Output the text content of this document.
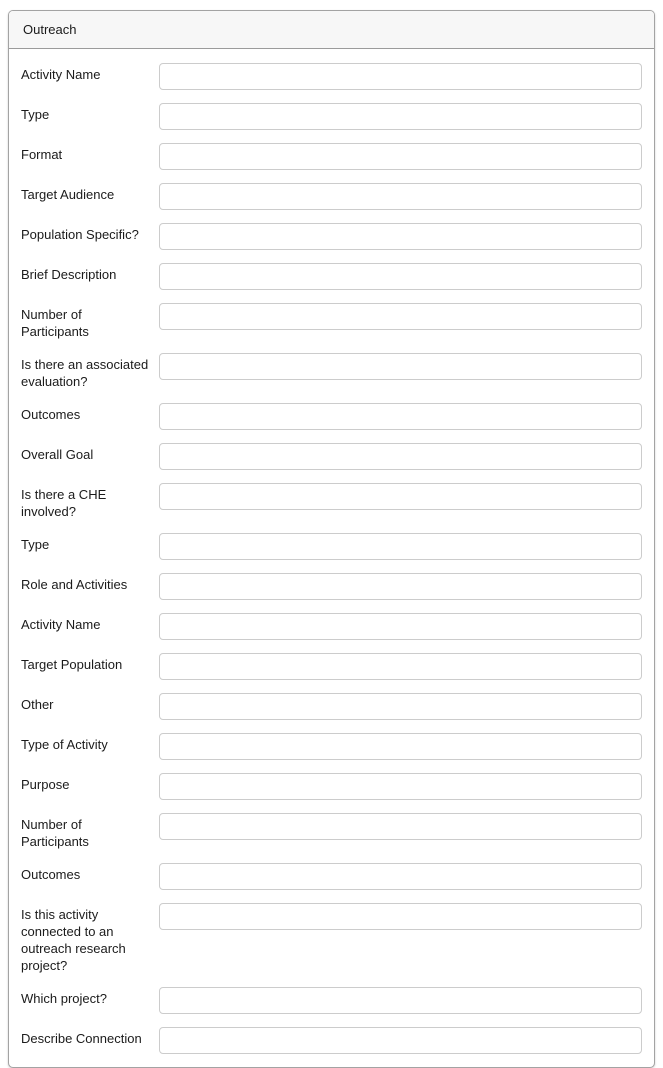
Outreach
Activity Name
Type
Format
Target Audience
Population Specific?
Brief Description
Number of Participants
Is there an associated evaluation?
Outcomes
Overall Goal
Is there a CHE involved?
Type
Role and Activities
Activity Name
Target Population
Other
Type of Activity
Purpose
Number of Participants
Outcomes
Is this activity connected to an outreach research project?
Which project?
Describe Connection
